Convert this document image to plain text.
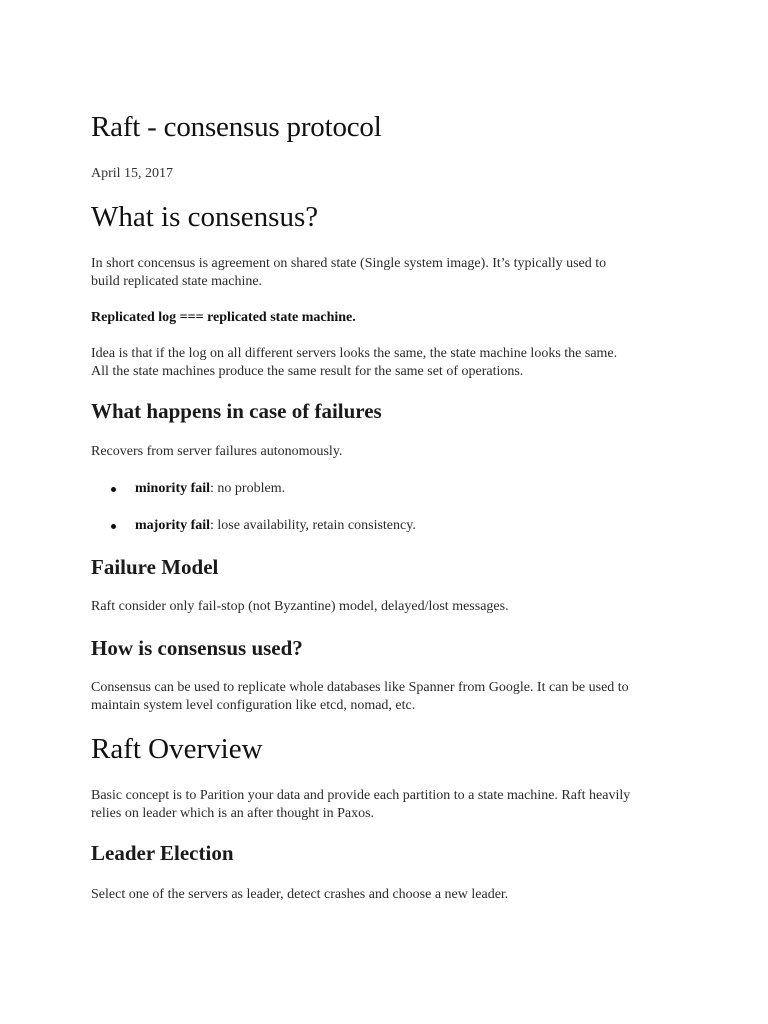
Raft - consensus protocol
April 15, 2017
What is consensus?
In short concensus is agreement on shared state (Single system image). It’s typically used to
build replicated state machine.
Replicated log === replicated state machine.
Idea is that if the log on all different servers looks the same, the state machine looks the same.
All the state machines produce the same result for the same set of operations.
What happens in case of failures
Recovers from server failures autonomously.
minority fail: no problem.
majority fail: lose availability, retain consistency.
Failure Model
Raft consider only fail-stop (not Byzantine) model, delayed/lost messages.
How is consensus used?
Consensus can be used to replicate whole databases like Spanner from Google. It can be used to
maintain system level configuration like etcd, nomad, etc.
Raft Overview
Basic concept is to Parition your data and provide each partition to a state machine. Raft heavily
relies on leader which is an after thought in Paxos.
Leader Election
Select one of the servers as leader, detect crashes and choose a new leader.
